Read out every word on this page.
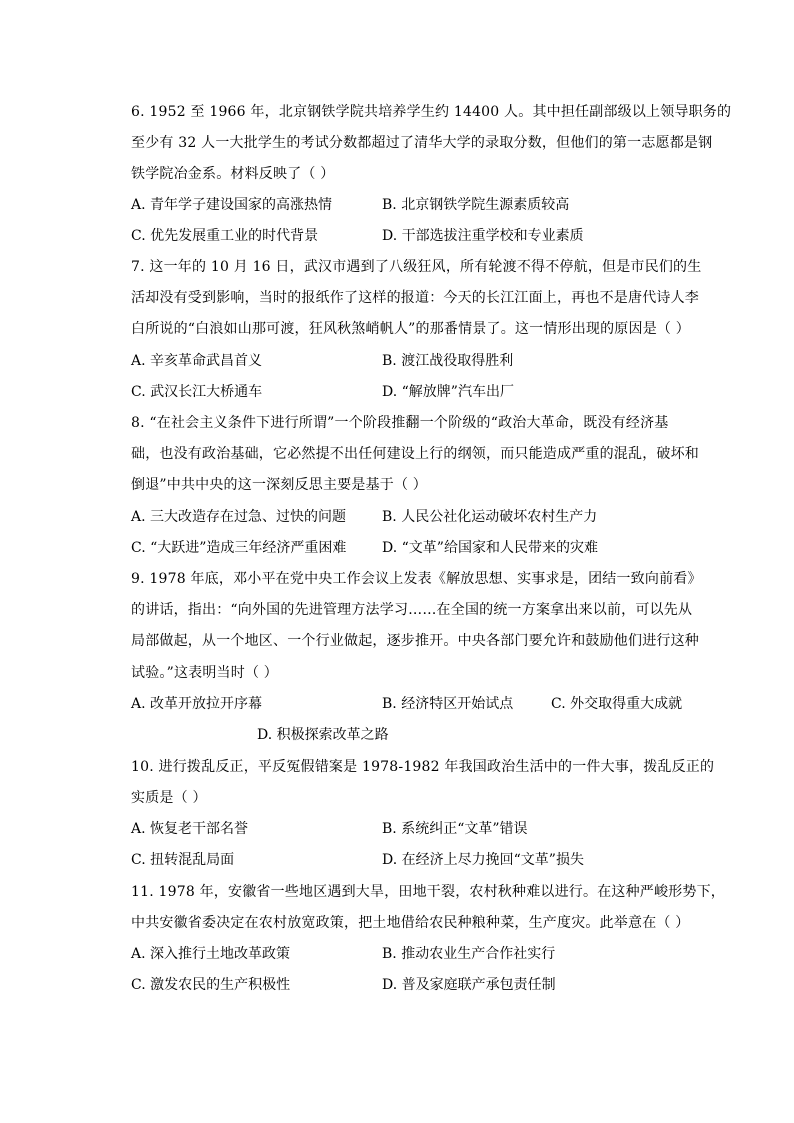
6. 1952 至 1966 年，北京钢铁学院共培养学生约 14400 人。其中担任副部级以上领导职务的
至少有 32 人一大批学生的考试分数都超过了清华大学的录取分数，但他们的第一志愿都是钢
铁学院冶金系。材料反映了（ ）
A. 青年学子建设国家的高涨热情	B. 北京钢铁学院生源素质较高
C. 优先发展重工业的时代背景	D. 干部选拔注重学校和专业素质
7. 这一年的 10 月 16 日，武汉市遇到了八级狂风，所有轮渡不得不停航，但是市民们的生
活却没有受到影响，当时的报纸作了这样的报道：今天的长江江面上，再也不是唐代诗人李
白所说的“白浪如山那可渡，狂风秋煞峭帆人”的那番情景了。这一情形出现的原因是（ ）
A. 辛亥革命武昌首义	B. 渡江战役取得胜利
C. 武汉长江大桥通车	D. “解放牌”汽车出厂
8. “在社会主义条件下进行所谓”一个阶段推翻一个阶级的“政治大革命，既没有经济基
础，也没有政治基础，它必然提不出任何建设上行的纲领，而只能造成严重的混乱，破坏和
倒退”中共中央的这一深刻反思主要是基于（ ）
A. 三大改造存在过急、过快的问题	B. 人民公社化运动破坏农村生产力
C. “大跃进”造成三年经济严重困难	D. “文革”给国家和人民带来的灾难
9. 1978 年底，邓小平在党中央工作会议上发表《解放思想、实事求是，团结一致向前看》
的讲话，指出：“向外国的先进管理方法学习……在全国的统一方案拿出来以前，可以先从
局部做起，从一个地区、一个行业做起，逐步推开。中央各部门要允许和鼓励他们进行这种
试验。”这表明当时（ ）
A. 改革开放拉开序幕	B. 经济特区开始试点	C. 外交取得重大成就
D. 积极探索改革之路
10. 进行拨乱反正，平反冤假错案是 1978-1982 年我国政治生活中的一件大事，拨乱反正的
实质是（ ）
A. 恢复老干部名誉	B. 系统纠正“文革”错误
C. 扭转混乱局面	D. 在经济上尽力挽回“文革”损失
11. 1978 年，安徽省一些地区遇到大旱，田地干裂，农村秋种难以进行。在这种严峻形势下，
中共安徽省委决定在农村放宽政策，把土地借给农民种粮种菜，生产度灾。此举意在（ ）
A. 深入推行土地改革政策	B. 推动农业生产合作社实行
C. 激发农民的生产积极性	D. 普及家庭联产承包责任制
